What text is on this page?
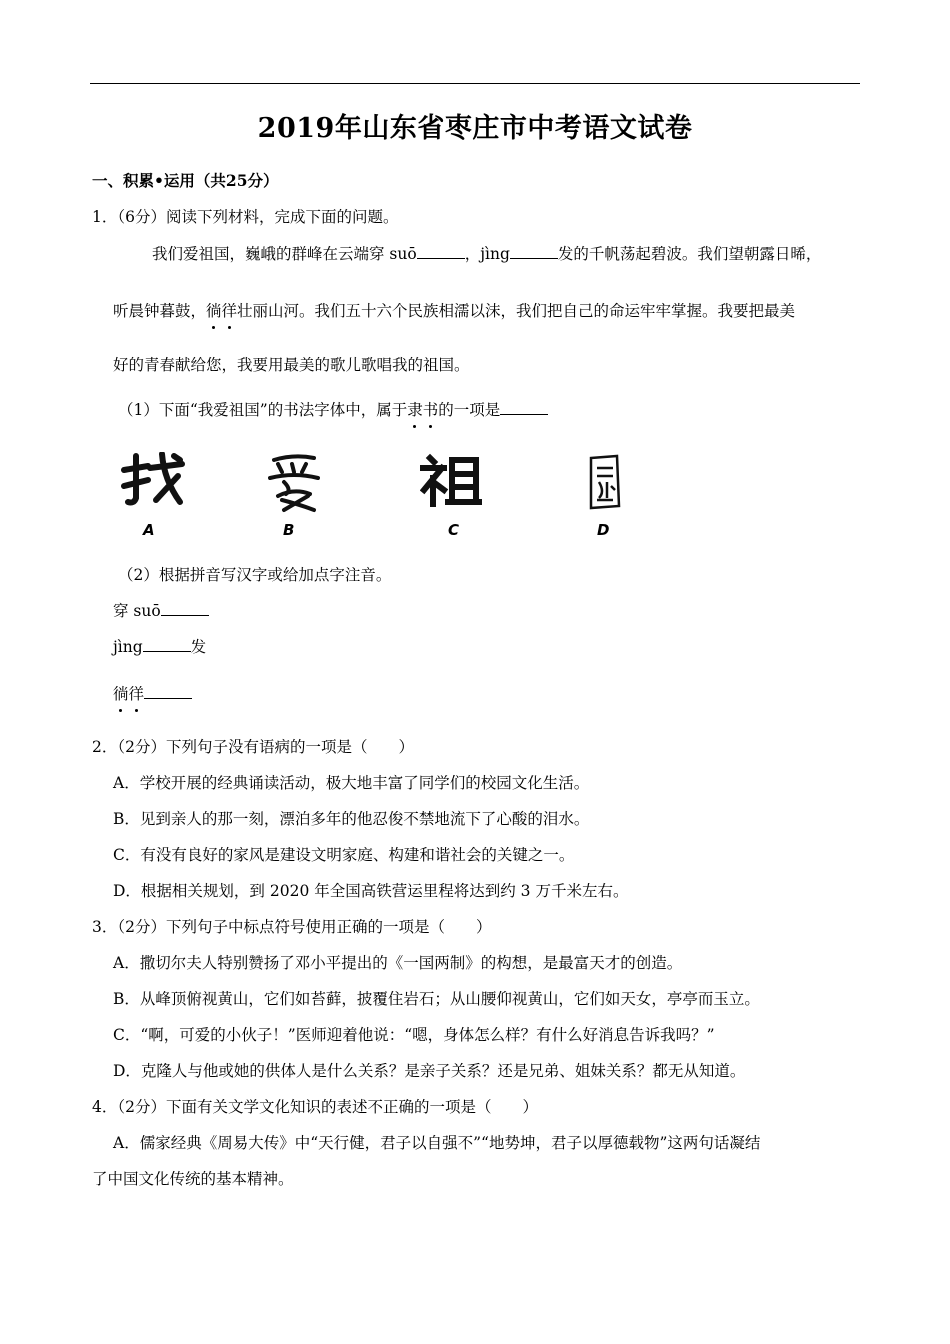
2019年山东省枣庄市中考语文试卷
一、积累•运用（共25分）
1．（6分）阅读下列材料，完成下面的问题。
我们爱祖国，巍峨的群峰在云端穿 suō	，jìng	发的千帆荡起碧波。我们望朝露日晞，
听晨钟暮鼓，徜徉壮丽山河。我们五十六个民族相濡以沫，我们把自己的命运牢牢掌握。我要把最美
好的青春献给您，我要用最美的歌儿歌唱我的祖国。
（1）下面“我爱祖国”的书法字体中，属于隶书的一项是
A	B	C	D
（2）根据拼音写汉字或给加点字注音。
穿 suō
jìng	发
徜徉
2．（2分）下列句子没有语病的一项是（　　）
A．学校开展的经典诵读活动，极大地丰富了同学们的校园文化生活。
B．见到亲人的那一刻，漂泊多年的他忍俊不禁地流下了心酸的泪水。
C．有没有良好的家风是建设文明家庭、构建和谐社会的关键之一。
D．根据相关规划，到 2020 年全国高铁营运里程将达到约 3 万千米左右。
3．（2分）下列句子中标点符号使用正确的一项是（　　）
A．撒切尔夫人特别赞扬了邓小平提出的《一国两制》的构想，是最富天才的创造。
B．从峰顶俯视黄山，它们如苔藓，披覆住岩石；从山腰仰视黄山，它们如天女，亭亭而玉立。
C．“啊，可爱的小伙子！”医师迎着他说：“嗯，身体怎么样？有什么好消息告诉我吗？”
D．克隆人与他或她的供体人是什么关系？是亲子关系？还是兄弟、姐妹关系？都无从知道。
4．（2分）下面有关文学文化知识的表述不正确的一项是（　　）
A．儒家经典《周易大传》中“天行健，君子以自强不”“地势坤，君子以厚德载物”这两句话凝结
了中国文化传统的基本精神。
